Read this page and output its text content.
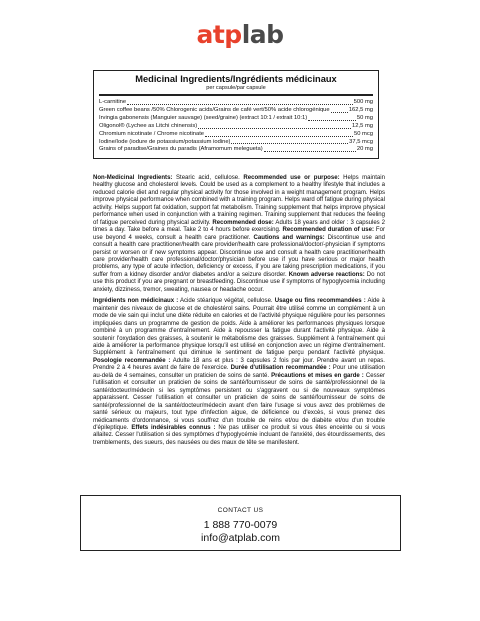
atplab
Medicinal Ingredients/Ingrédients médicinaux
per capsule/par capsule
L-carnitine	500 mg
Green coffee beans /50% Chlorogenic acids/Grains de café vert/50% acide chlorogénique	162,5 mg
Irvingia gabonensis (Manguier sauvage) (seed/graine) (extract 10:1 / extrait 10:1)	50 mg
Oligonol® (Lychee as Litchi chinensis)	12,5 mg
Chromium nicotinate / Chrome nicotinate	50 mcg
Iodine/Iode (iodure de potassium/potassium iodine)	37,5 mcg
Grains of paradise/Graines du paradis (Aframomum melegueta)	20 mg

Non-Medicinal Ingredients: Stearic acid, cellulose. Recommended use or purpose: Helps maintain healthy glucose and cholesterol levels. Could be used as a complement to a healthy lifestyle that includes a reduced calorie diet and regular physical activity for those involved in a weight management program. Helps improve physical performance when combined with a training program. Helps ward off fatigue during physical activity. Helps support fat oxidation, support fat metabolism. Training supplement that helps improve physical performance when used in conjunction with a training regimen. Training supplement that reduces the feeling of fatigue perceived during physical activity. Recommended dose: Adults 18 years and older : 3 capsules 2 times a day. Take before a meal. Take 2 to 4 hours before exercising. Recommended duration of use: For use beyond 4 weeks, consult a health care practitioner. Cautions and warnings: Discontinue use and consult a health care practitioner/health care provider/health care professional/doctor/-physician if symptoms persist or worsen or if new symptoms appear. Discontinue use and consult a health care practitioner/health care provider/health care professional/doctor/physician before use if you have serious or major health problems, any type of acute infection, deficiency or excess, if you are taking prescription medications, if you suffer from a kidney disorder and/or diabetes and/or a seizure disorder. Known adverse reactions: Do not use this product if you are pregnant or breastfeeding. Discontinue use if symptoms of hypoglycemia including anxiety, dizziness, tremor, sweating, nausea or headache occur.

Ingrédients non médicinaux : Acide stéarique végétal, cellulose. Usage ou fins recommandées : Aide à maintenir des niveaux de glucose et de cholestérol sains. Pourrait être utilisé comme un complément à un mode de vie sain qui inclut une diète réduite en calories et de l'activité physique régulière pour les personnes impliquées dans un programme de gestion de poids. Aide à améliorer les performances physiques lorsque combiné à un programme d'entraînement. Aide à repousser la fatigue durant l'activité physique. Aide à soutenir l'oxydation des graisses, à soutenir le métabolisme des graisses. Supplément à l'entraînement qui aide à améliorer la performance physique lorsqu'il est utilisé en conjonction avec un régime d'entraînement. Supplément à l'entraînement qui diminue le sentiment de fatigue perçu pendant l'activité physique. Posologie recommandée : Adulte 18 ans et plus : 3 capsules 2 fois par jour. Prendre avant un repas. Prendre 2 à 4 heures avant de faire de l'exercice. Durée d'utilisation recommandée : Pour une utilisation au-delà de 4 semaines, consulter un praticien de soins de santé. Précautions et mises en garde : Cesser l'utilisation et consulter un praticien de soins de santé/fournisseur de soins de santé/professionnel de la santé/docteur/médecin si les symptômes persistent ou s'aggravent ou si de nouveaux symptômes apparaissent. Cesser l'utilisation et consulter un praticien de soins de santé/fournisseur de soins de santé/professionnel de la santé/docteur/médecin avant d'en faire l'usage si vous avez des problèmes de santé sérieux ou majeurs, tout type d'infection aigue, de déficience ou d'excès, si vous prenez des médicaments d'ordonnance, si vous souffrez d'un trouble de reins et/ou de diabète et/ou d'un trouble d'épileptique. Effets indésirables connus : Ne pas utiliser ce produit si vous êtes enceinte ou si vous allaitez. Cesser l'utilisation si des symptômes d'hypoglycémie incluant de l'anxiété, des étourdissements, des tremblements, des sueurs, des nausées ou des maux de tête se manifestent.

CONTACT US
1 888 770-0079
info@atplab.com
